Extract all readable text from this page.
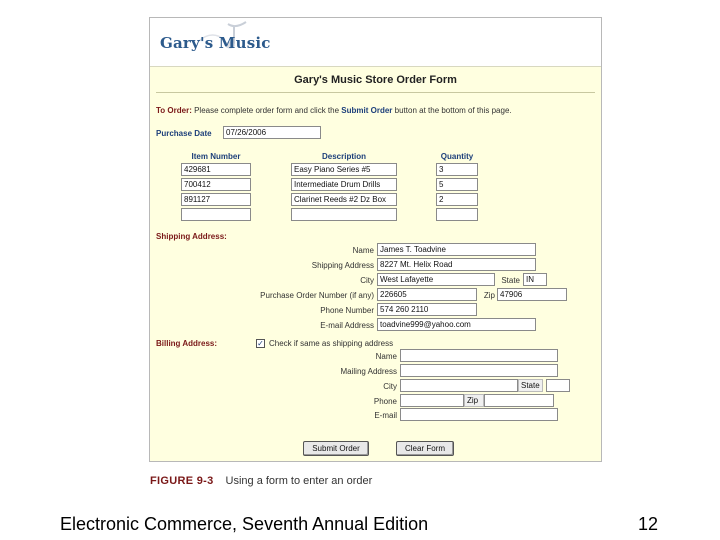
Gary's Music
Gary's Music Store Order Form
To Order: Please complete order form and click the Submit Order button at the bottom of this page.
Purchase Date	07/26/2006
Item Number	Description	Quantity
429681	Easy Piano Series #5	3
700412	Intermediate Drum Drills	5
891127	Clarinet Reeds #2 Dz Box	2
Shipping Address:
Name James T. Toadvine
Shipping Address 8227 Mt. Helix Road
City West Lafayette	State IN
Purchase Order Number (if any) 226605	Zip 47906
Phone Number 574 260 2110
E-mail Address toadvine999@yahoo.com
Billing Address:	✓ Check if same as shipping address
Name
Mailing Address
City	State
Phone	Zip
E-mail
Submit Order	Clear Form
FIGURE 9-3 Using a form to enter an order
Electronic Commerce, Seventh Annual Edition	12
